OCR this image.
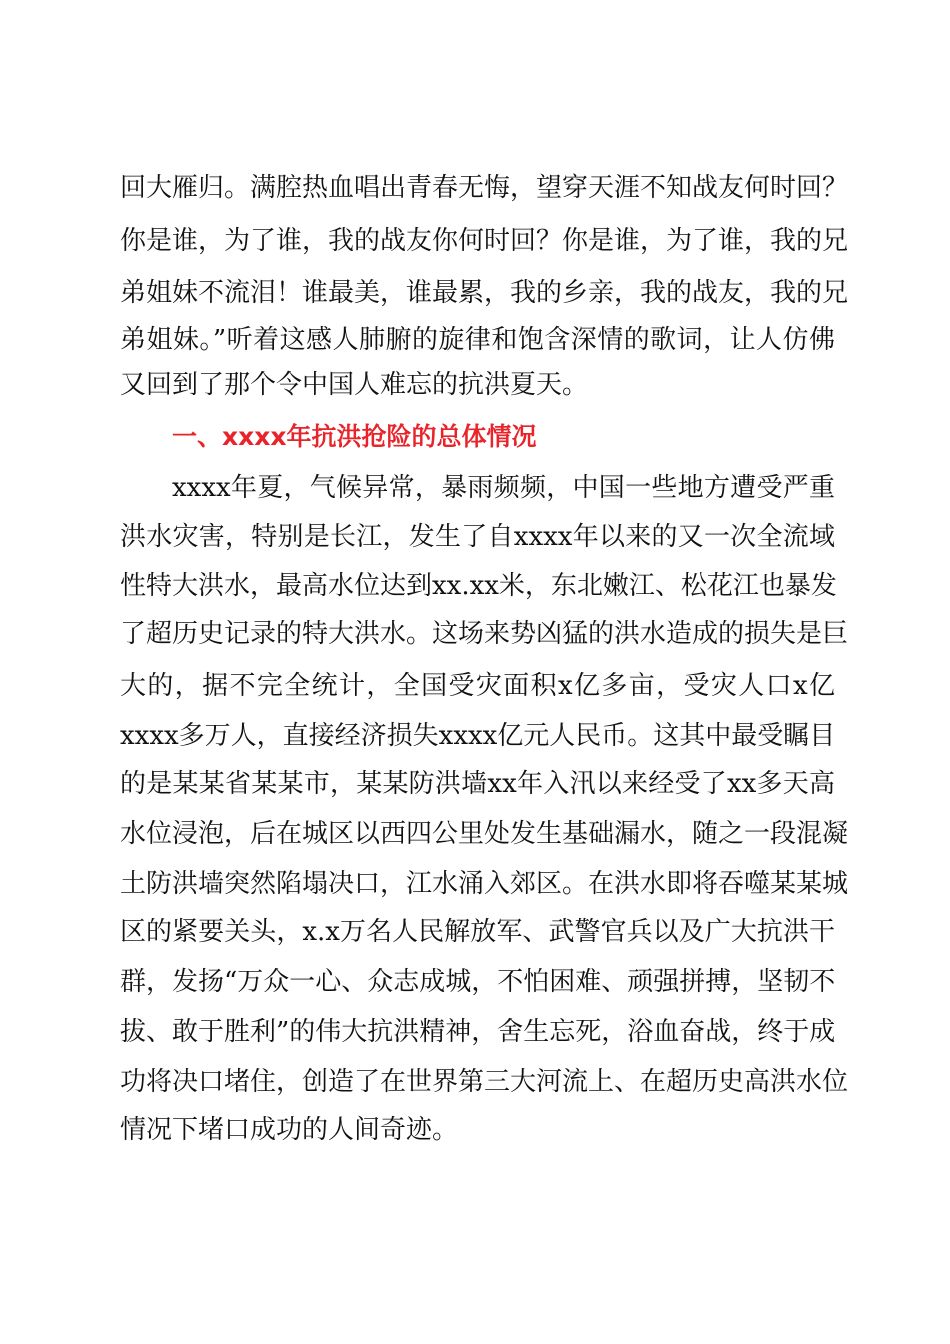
回大雁归。满腔热血唱出青春无悔，望穿天涯不知战友何时回？
你是谁，为了谁，我的战友你何时回？你是谁，为了谁，我的兄
弟姐妹不流泪！谁最美，谁最累，我的乡亲，我的战友，我的兄
弟姐妹。”听着这感人肺腑的旋律和饱含深情的歌词，让人仿佛
又回到了那个令中国人难忘的抗洪夏天。
一、xxxx年抗洪抢险的总体情况
xxxx年夏，气候异常，暴雨频频，中国一些地方遭受严重
洪水灾害，特别是长江，发生了自xxxx年以来的又一次全流域
性特大洪水，最高水位达到xx.xx米，东北嫩江、松花江也暴发
了超历史记录的特大洪水。这场来势凶猛的洪水造成的损失是巨
大的，据不完全统计，全国受灾面积x亿多亩，受灾人口x亿
xxxx多万人，直接经济损失xxxx亿元人民币。这其中最受瞩目
的是某某省某某市，某某防洪墙xx年入汛以来经受了xx多天高
水位浸泡，后在城区以西四公里处发生基础漏水，随之一段混凝
土防洪墙突然陷塌决口，江水涌入郊区。在洪水即将吞噬某某城
区的紧要关头，x.x万名人民解放军、武警官兵以及广大抗洪干
群，发扬“万众一心、众志成城，不怕困难、顽强拼搏，坚韧不
拔、敢于胜利”的伟大抗洪精神，舍生忘死，浴血奋战，终于成
功将决口堵住，创造了在世界第三大河流上、在超历史高洪水位
情况下堵口成功的人间奇迹。
